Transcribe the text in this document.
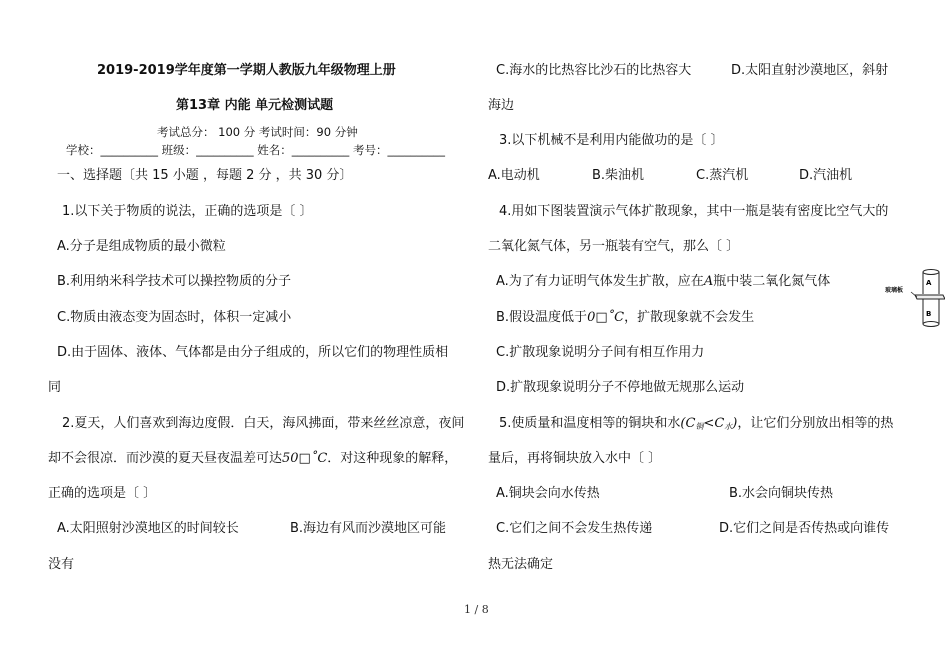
2019-2019学年度第一学期人教版九年级物理上册
第13章 内能 单元检测试题
考试总分： 100 分 考试时间：90 分钟
学校：__________ 班级：__________ 姓名：__________ 考号：__________
一、选择题〔共 15 小题 ，每题 2 分 ，共 30 分〕
1.以下关于物质的说法，正确的选项是〔 〕
A.分子是组成物质的最小微粒
B.利用纳米科学技术可以操控物质的分子
C.物质由液态变为固态时，体积一定减小
D.由于固体、液体、气体都是由分子组成的，所以它们的物理性质相
同
2.夏天，人们喜欢到海边度假．白天，海风拂面，带来丝丝凉意，夜间
却不会很凉．而沙漠的夏天昼夜温差可达50□˚C．对这种现象的解释，
正确的选项是〔 〕
A.太阳照射沙漠地区的时间较长	B.海边有风而沙漠地区可能
没有
C.海水的比热容比沙石的比热容大	D.太阳直射沙漠地区，斜射
海边
3.以下机械不是利用内能做功的是〔 〕
A.电动机	B.柴油机	C.蒸汽机	D.汽油机
4.用如下图装置演示气体扩散现象，其中一瓶是装有密度比空气大的
二氧化氮气体，另一瓶装有空气，那么〔 〕
A.为了有力证明气体发生扩散，应在A瓶中装二氧化氮气体
B.假设温度低于0□˚C，扩散现象就不会发生
C.扩散现象说明分子间有相互作用力
D.扩散现象说明分子不停地做无规那么运动
5.使质量和温度相等的铜块和水$(C_铜<C_水)$，让它们分别放出相等的热
量后，再将铜块放入水中〔 〕
A.铜块会向水传热	B.水会向铜块传热
C.它们之间不会发生热传递	D.它们之间是否传热或向谁传
热无法确定
A
B
玻璃板
1 / 8
